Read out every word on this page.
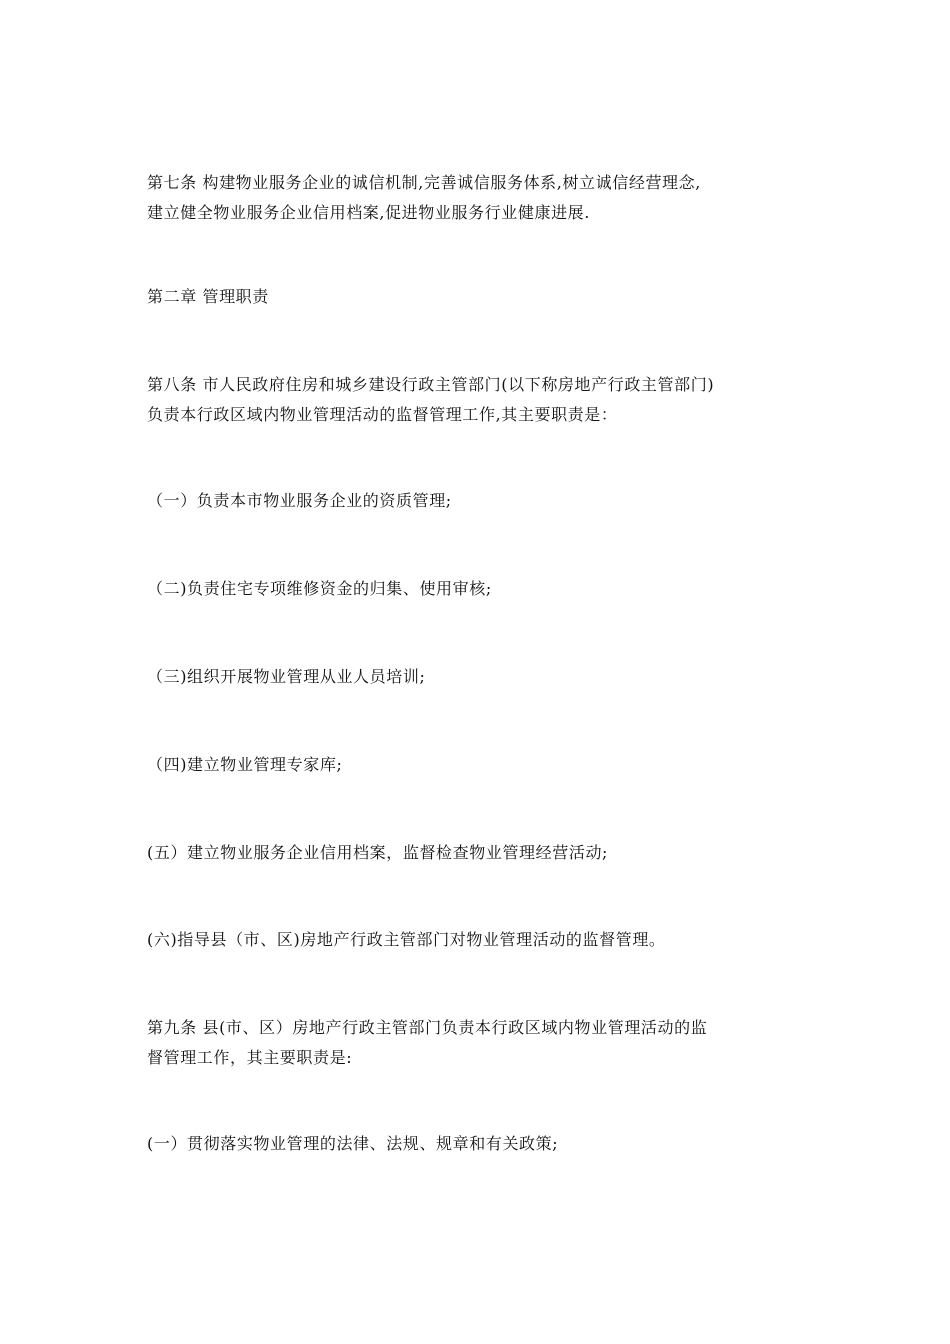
第七条 构建物业服务企业的诚信机制,完善诚信服务体系,树立诚信经营理念,
建立健全物业服务企业信用档案,促进物业服务行业健康进展.
第二章 管理职责
第八条 市人民政府住房和城乡建设行政主管部门(以下称房地产行政主管部门)
负责本行政区域内物业管理活动的监督管理工作,其主要职责是：
（一）负责本市物业服务企业的资质管理;
（二)负责住宅专项维修资金的归集、使用审核;
（三)组织开展物业管理从业人员培训;
（四)建立物业管理专家库;
(五）建立物业服务企业信用档案，监督检查物业管理经营活动;
(六)指导县（市、区)房地产行政主管部门对物业管理活动的监督管理。
第九条 县(市、区）房地产行政主管部门负责本行政区域内物业管理活动的监
督管理工作，其主要职责是:
(一）贯彻落实物业管理的法律、法规、规章和有关政策;
